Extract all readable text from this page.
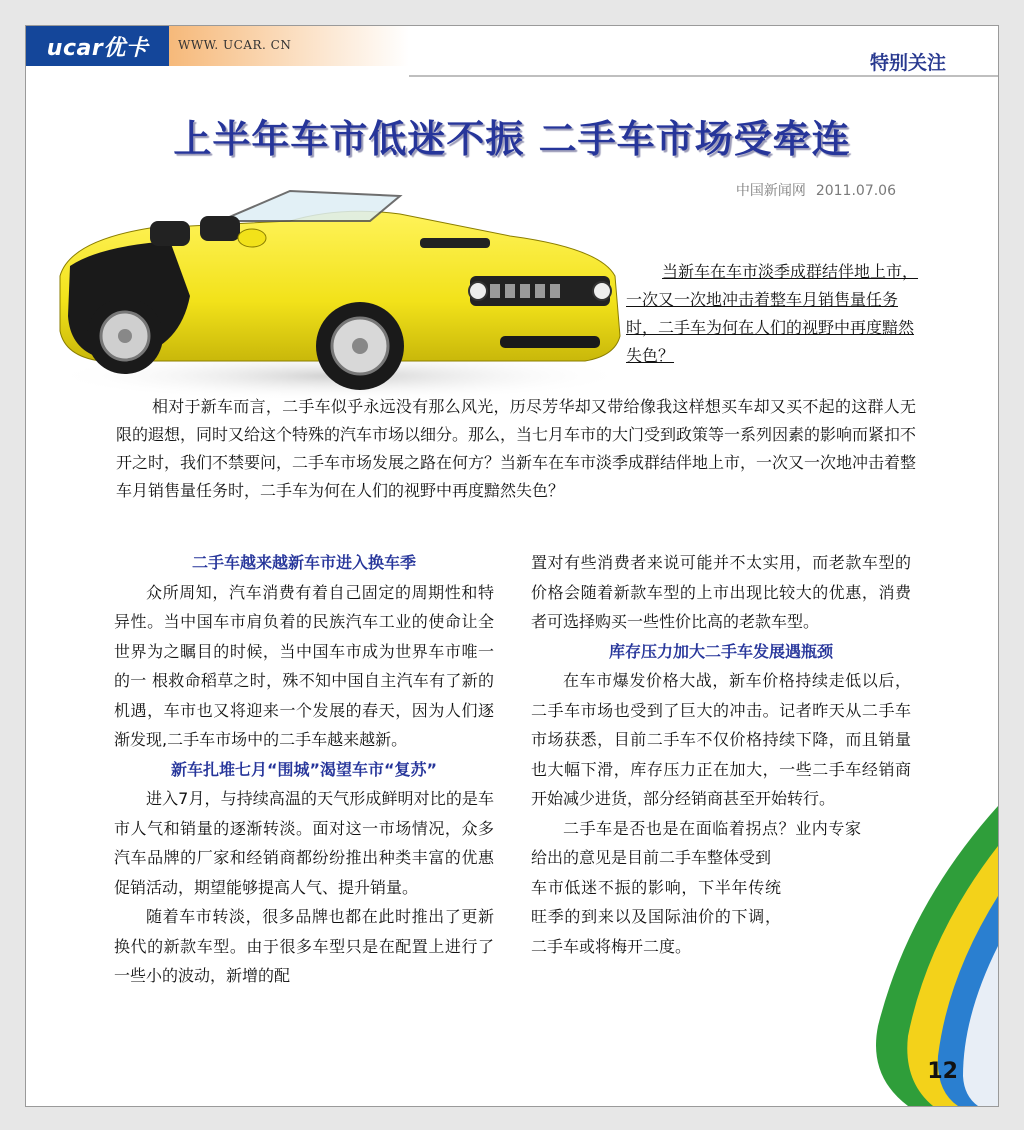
ucar优卡 WWW. UCAR. CN
特别关注
上半年车市低迷不振 二手车市场受牵连
中国新闻网 2011.07.06
当新车在车市淡季成群结伴地上市，一次又一次地冲击着整车月销售量任务时，二手车为何在人们的视野中再度黯然失色？
相对于新车而言，二手车似乎永远没有那么风光，历尽芳华却又带给像我这样想买车却又买不起的这群人无限的遐想，同时又给这个特殊的汽车市场以细分。那么，当七月车市的大门受到政策等一系列因素的影响而紧扣不开之时，我们不禁要问，二手车市场发展之路在何方？当新车在车市淡季成群结伴地上市，一次又一次地冲击着整车月销售量任务时，二手车为何在人们的视野中再度黯然失色？
二手车越来越新车市进入换车季

众所周知，汽车消费有着自己固定的周期性和特异性。当中国车市肩负着的民族汽车工业的使命让全世界为之瞩目的时候，当中国车市成为世界车市唯一的一 根救命稻草之时，殊不知中国自主汽车有了新的机遇，车市也又将迎来一个发展的春天，因为人们逐渐发现,二手车市场中的二手车越来越新。

新车扎堆七月“围城”渴望车市“复苏”

进入7月，与持续高温的天气形成鲜明对比的是车市人气和销量的逐渐转淡。面对这一市场情况，众多汽车品牌的厂家和经销商都纷纷推出种类丰富的优惠促销活动，期望能够提高人气、提升销量。

随着车市转淡，很多品牌也都在此时推出了更新换代的新款车型。由于很多车型只是在配置上进行了一些小的波动，新增的配

置对有些消费者来说可能并不太实用，而老款车型的价格会随着新款车型的上市出现比较大的优惠，消费者可选择购买一些性价比高的老款车型。

库存压力加大二手车发展遇瓶颈

在车市爆发价格大战，新车价格持续走低以后，二手车市场也受到了巨大的冲击。记者昨天从二手车市场获悉，目前二手车不仅价格持续下降，而且销量也大幅下滑，库存压力正在加大，一些二手车经销商开始减少进货，部分经销商甚至开始转行。

二手车是否也是在面临着拐点？业内专家给出的意见是目前二手车整体受到

车市低迷不振的影响，下半年传统旺季的到来以及国际油价的下调，二手车或将梅开二度。

12
